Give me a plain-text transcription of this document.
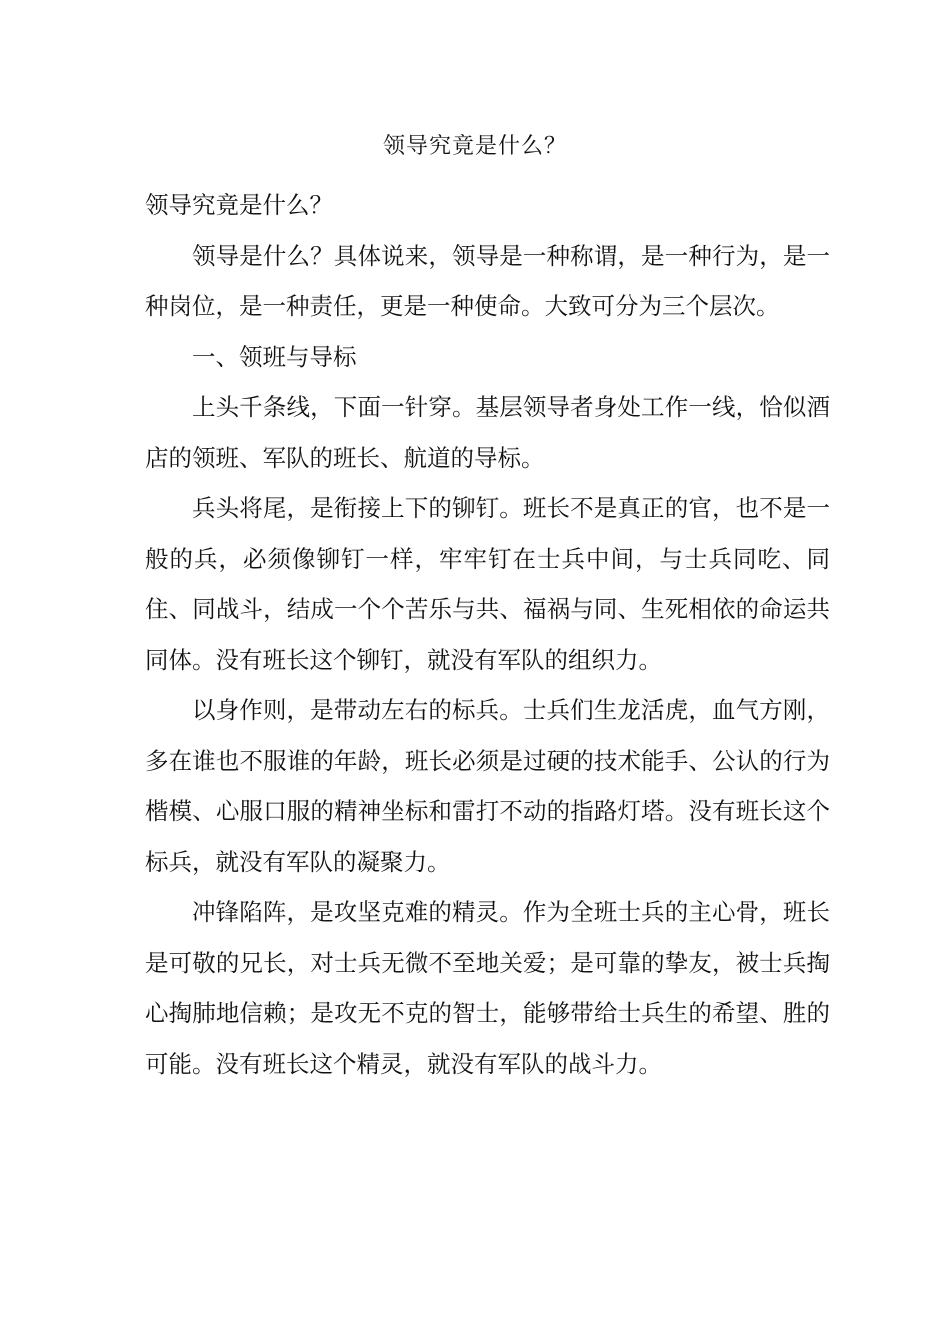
领导究竟是什么？

领导究竟是什么？

领导是什么？具体说来，领导是一种称谓，是一种行为，是一种岗位，是一种责任，更是一种使命。大致可分为三个层次。

一、领班与导标

上头千条线，下面一针穿。基层领导者身处工作一线，恰似酒店的领班、军队的班长、航道的导标。

兵头将尾，是衔接上下的铆钉。班长不是真正的官，也不是一般的兵，必须像铆钉一样，牢牢钉在士兵中间，与士兵同吃、同住、同战斗，结成一个个苦乐与共、福祸与同、生死相依的命运共同体。没有班长这个铆钉，就没有军队的组织力。

以身作则，是带动左右的标兵。士兵们生龙活虎，血气方刚，多在谁也不服谁的年龄，班长必须是过硬的技术能手、公认的行为楷模、心服口服的精神坐标和雷打不动的指路灯塔。没有班长这个标兵，就没有军队的凝聚力。

冲锋陷阵，是攻坚克难的精灵。作为全班士兵的主心骨，班长是可敬的兄长，对士兵无微不至地关爱；是可靠的挚友，被士兵掏心掏肺地信赖；是攻无不克的智士，能够带给士兵生的希望、胜的可能。没有班长这个精灵，就没有军队的战斗力。
